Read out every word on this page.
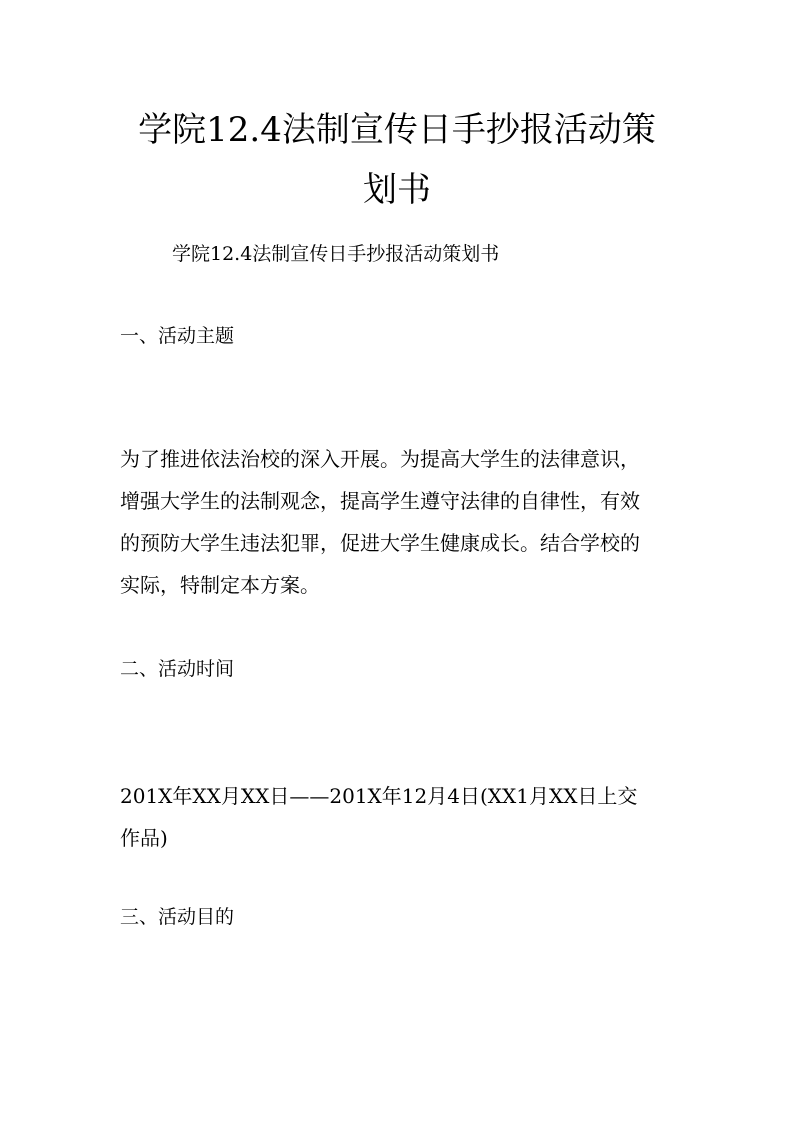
学院12.4法制宣传日手抄报活动策
划书

学院12.4法制宣传日手抄报活动策划书

一、活动主题

为了推进依法治校的深入开展。为提高大学生的法律意识，
增强大学生的法制观念，提高学生遵守法律的自律性，有效
的预防大学生违法犯罪，促进大学生健康成长。结合学校的
实际，特制定本方案。

二、活动时间

201X年XX月XX日——201X年12月4日(XX1月XX日上交
作品)

三、活动目的
